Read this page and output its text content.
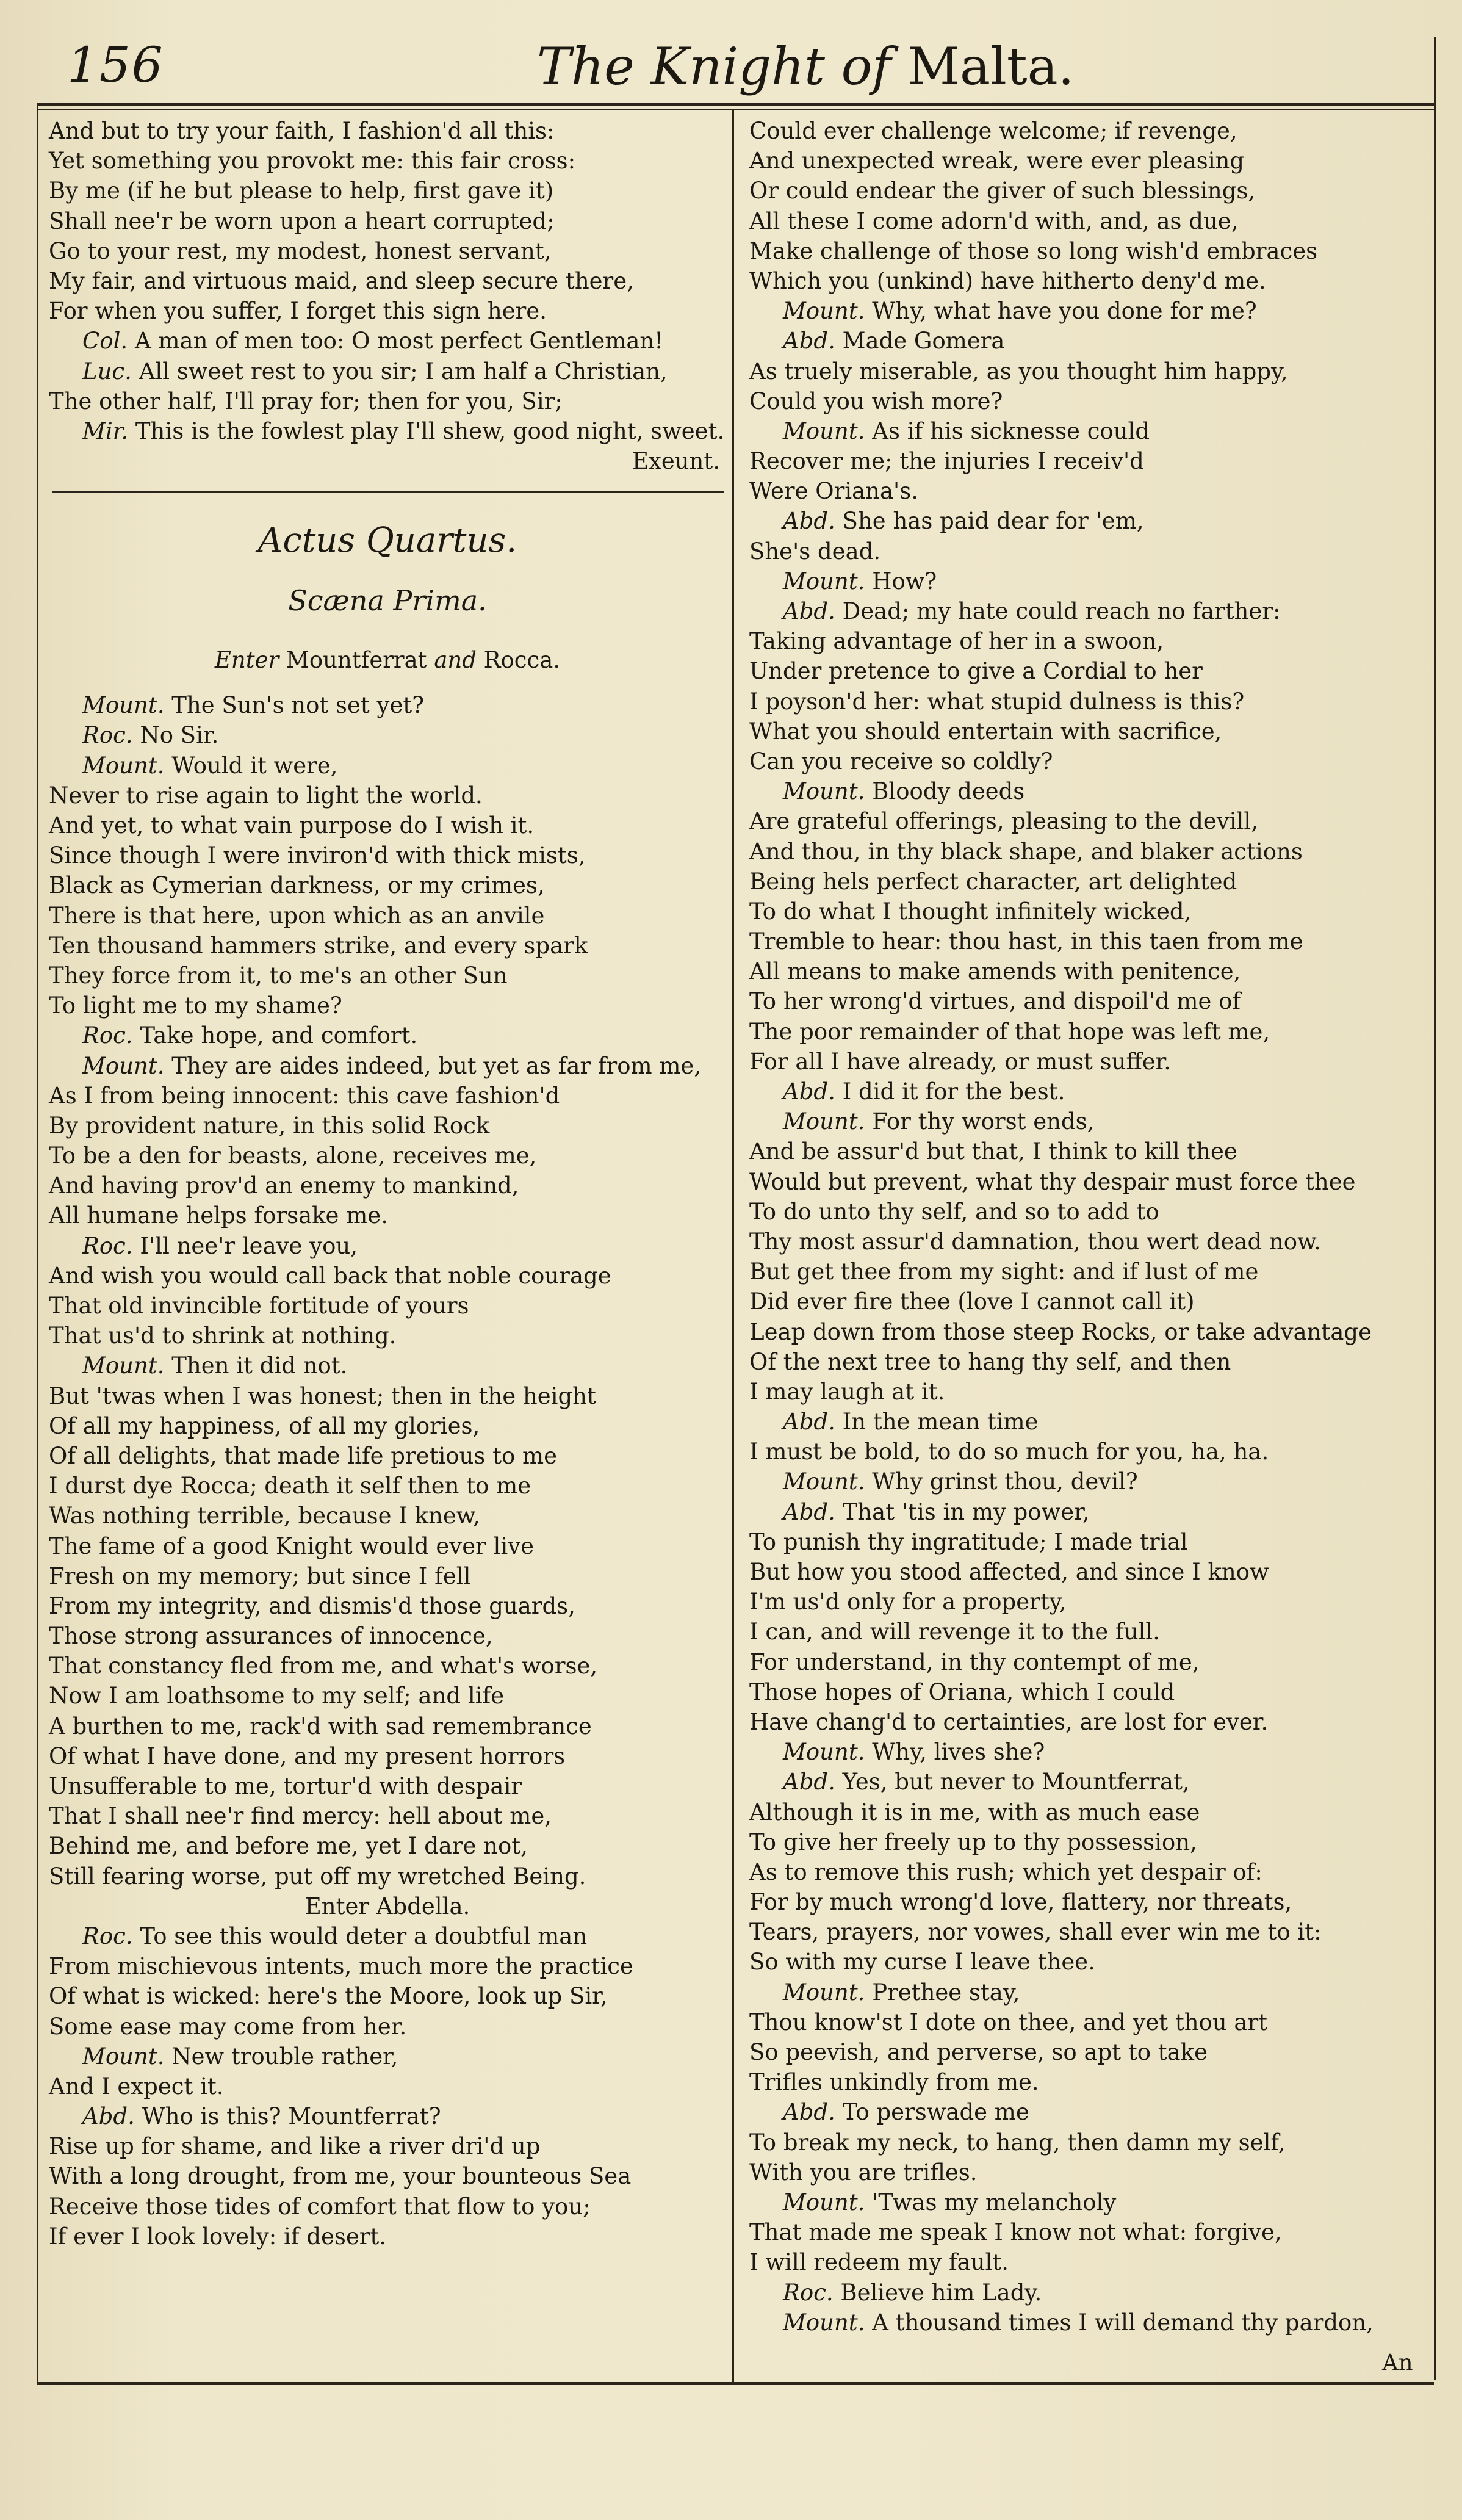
156	The Knight of Malta.
And but to try your faith, I fashion'd all this:
Yet something you provokt me: this fair cross:
By me (if he but please to help, first gave it)
Shall nee'r be worn upon a heart corrupted;
Go to your rest, my modest, honest servant,
My fair, and virtuous maid, and sleep secure there,
For when you suffer, I forget this sign here.
Col. A man of men too: O most perfect Gentleman!
Luc. All sweet rest to you sir; I am half a Christian,
The other half, I'll pray for; then for you, Sir;
Mir. This is the fowlest play I'll shew, good night, sweet.
Exeunt.
Actus Quartus.
Scæna Prima.
Enter Mountferrat and Rocca.
Mount. The Sun's not set yet?
Roc. No Sir.
Mount. Would it were,
Never to rise again to light the world.
And yet, to what vain purpose do I wish it.
Since though I were inviron'd with thick mists,
Black as Cymerian darkness, or my crimes,
There is that here, upon which as an anvile
Ten thousand hammers strike, and every spark
They force from it, to me's an other Sun
To light me to my shame?
Roc. Take hope, and comfort.
Mount. They are aides indeed, but yet as far from me,
As I from being innocent: this cave fashion'd
By provident nature, in this solid Rock
To be a den for beasts, alone, receives me,
And having prov'd an enemy to mankind,
All humane helps forsake me.
Roc. I'll nee'r leave you,
And wish you would call back that noble courage
That old invincible fortitude of yours
That us'd to shrink at nothing.
Mount. Then it did not.
But 'twas when I was honest; then in the height
Of all my happiness, of all my glories,
Of all delights, that made life pretious to me
I durst dye Rocca; death it self then to me
Was nothing terrible, because I knew,
The fame of a good Knight would ever live
Fresh on my memory; but since I fell
From my integrity, and dismis'd those guards,
Those strong assurances of innocence,
That constancy fled from me, and what's worse,
Now I am loathsome to my self; and life
A burthen to me, rack'd with sad remembrance
Of what I have done, and my present horrors
Unsufferable to me, tortur'd with despair
That I shall nee'r find mercy: hell about me,
Behind me, and before me, yet I dare not,
Still fearing worse, put off my wretched Being.
Enter Abdella.
Roc. To see this would deter a doubtful man
From mischievous intents, much more the practice
Of what is wicked: here's the Moore, look up Sir,
Some ease may come from her.
Mount. New trouble rather,
And I expect it.
Abd. Who is this? Mountferrat?
Rise up for shame, and like a river dri'd up
With a long drought, from me, your bounteous Sea
Receive those tides of comfort that flow to you;
If ever I look lovely: if desert.
Could ever challenge welcome; if revenge,
And unexpected wreak, were ever pleasing
Or could endear the giver of such blessings,
All these I come adorn'd with, and, as due,
Make challenge of those so long wish'd embraces
Which you (unkind) have hitherto deny'd me.
Mount. Why, what have you done for me?
Abd. Made Gomera
As truely miserable, as you thought him happy,
Could you wish more?
Mount. As if his sicknesse could
Recover me; the injuries I receiv'd
Were Oriana's.
Abd. She has paid dear for 'em,
She's dead.
Mount. How?
Abd. Dead; my hate could reach no farther:
Taking advantage of her in a swoon,
Under pretence to give a Cordial to her
I poyson'd her: what stupid dulness is this?
What you should entertain with sacrifice,
Can you receive so coldly?
Mount. Bloody deeds
Are grateful offerings, pleasing to the devill,
And thou, in thy black shape, and blaker actions
Being hels perfect character, art delighted
To do what I thought infinitely wicked,
Tremble to hear: thou hast, in this taen from me
All means to make amends with penitence,
To her wrong'd virtues, and dispoil'd me of
The poor remainder of that hope was left me,
For all I have already, or must suffer.
Abd. I did it for the best.
Mount. For thy worst ends,
And be assur'd but that, I think to kill thee
Would but prevent, what thy despair must force thee
To do unto thy self, and so to add to
Thy most assur'd damnation, thou wert dead now.
But get thee from my sight: and if lust of me
Did ever fire thee (love I cannot call it)
Leap down from those steep Rocks, or take advantage
Of the next tree to hang thy self, and then
I may laugh at it.
Abd. In the mean time
I must be bold, to do so much for you, ha, ha.
Mount. Why grinst thou, devil?
Abd. That 'tis in my power,
To punish thy ingratitude; I made trial
But how you stood affected, and since I know
I'm us'd only for a property,
I can, and will revenge it to the full.
For understand, in thy contempt of me,
Those hopes of Oriana, which I could
Have chang'd to certainties, are lost for ever.
Mount. Why, lives she?
Abd. Yes, but never to Mountferrat,
Although it is in me, with as much ease
To give her freely up to thy possession,
As to remove this rush; which yet despair of:
For by much wrong'd love, flattery, nor threats,
Tears, prayers, nor vowes, shall ever win me to it:
So with my curse I leave thee.
Mount. Prethee stay,
Thou know'st I dote on thee, and yet thou art
So peevish, and perverse, so apt to take
Trifles unkindly from me.
Abd. To perswade me
To break my neck, to hang, then damn my self,
With you are trifles.
Mount. 'Twas my melancholy
That made me speak I know not what: forgive,
I will redeem my fault.
Roc. Believe him Lady.
Mount. A thousand times I will demand thy pardon,
An
